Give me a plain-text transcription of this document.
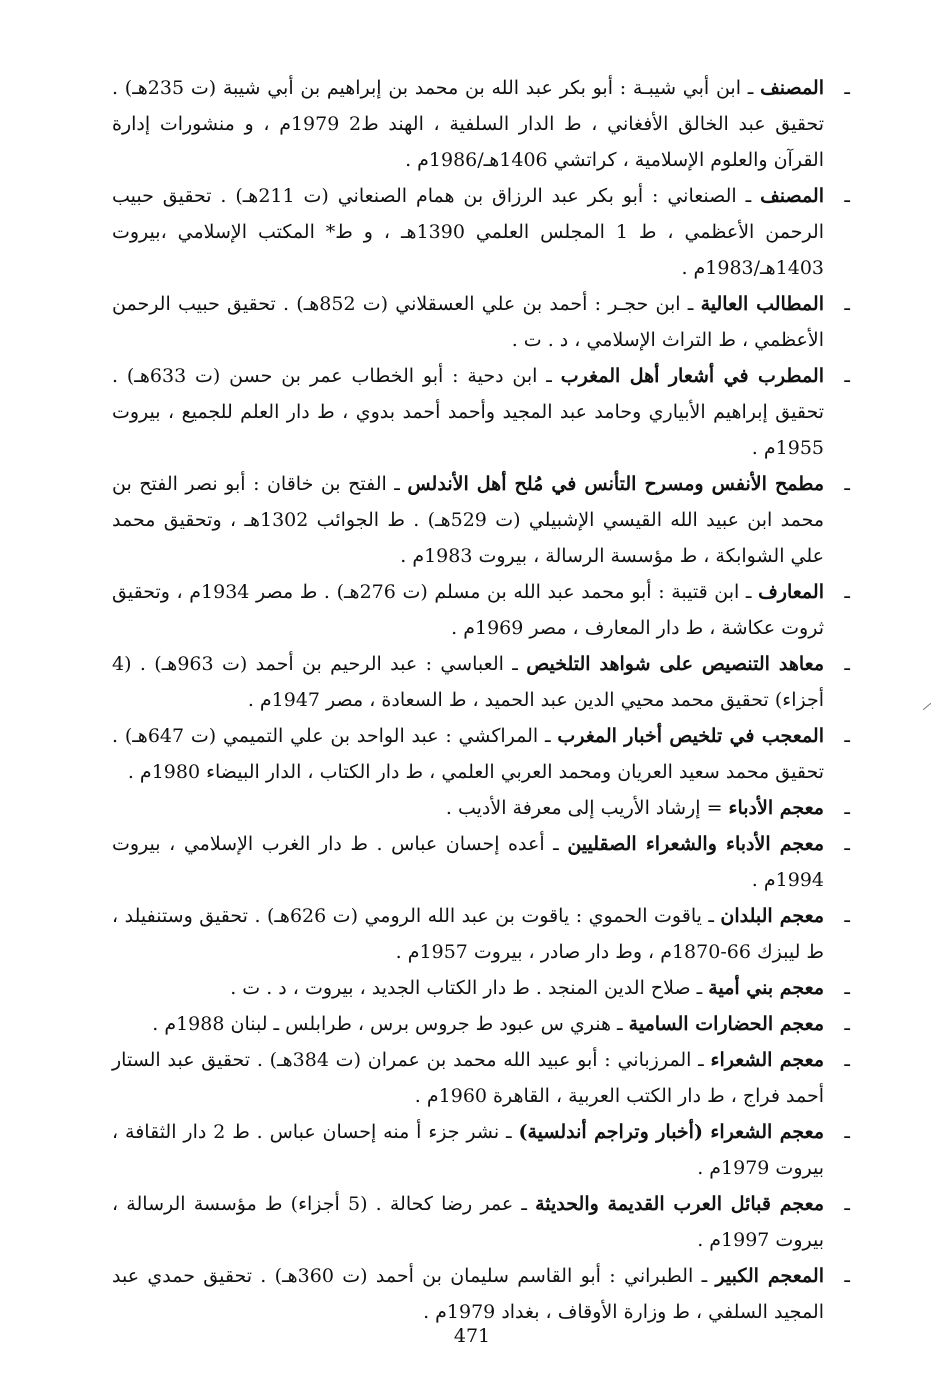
ـ
المصنف ـ ابن أبي شيبـة : أبو بكر عبد الله بن محمد بن إبراهيم بن أبي شيبة (ت 235هـ) . تحقيق عبد الخالق الأفغاني ، ط الدار السلفية ، الهند ط2 1979م ، و منشورات إدارة القرآن والعلوم الإسلامية ، كراتشي 1406هـ/1986م .

ـ
المصنف ـ الصنعاني : أبو بكر عبد الرزاق بن همام الصنعاني (ت 211هـ) . تحقيق حبيب الرحمن الأعظمي ، ط 1 المجلس العلمي 1390هـ ، و ط* المكتب الإسلامي ،بيروت 1403هـ/1983م .

ـ
المطالب العالية ـ ابن حجـر : أحمد بن علي العسقلاني (ت 852هـ) . تحقيق حبيب الرحمن الأعظمي ، ط التراث الإسلامي ، د . ت .

ـ
المطرب في أشعار أهل المغرب ـ ابن دحية : أبو الخطاب عمر بن حسن (ت 633هـ) . تحقيق إبراهيم الأبياري وحامد عبد المجيد وأحمد أحمد بدوي ، ط دار العلم للجميع ، بيروت 1955م .

ـ
مطمح الأنفس ومسرح التأنس في مُلح أهل الأندلس ـ الفتح بن خاقان : أبو نصر الفتح بن محمد ابن عبيد الله القيسي الإشبيلي (ت 529هـ) . ط الجوائب 1302هـ ، وتحقيق محمد علي الشوابكة ، ط مؤسسة الرسالة ، بيروت 1983م .

ـ
المعارف ـ ابن قتيبة : أبو محمد عبد الله بن مسلم (ت 276هـ) . ط مصر 1934م ، وتحقيق ثروت عكاشة ، ط دار المعارف ، مصر 1969م .

ـ
معاهد التنصيص على شواهد التلخيص ـ العباسي : عبد الرحيم بن أحمد (ت 963هـ) . (4 أجزاء) تحقيق محمد محيي الدين عبد الحميد ، ط السعادة ، مصر 1947م .

ـ
المعجب في تلخيص أخبار المغرب ـ المراكشي : عبد الواحد بن علي التميمي (ت 647هـ) . تحقيق محمد سعيد العريان ومحمد العربي العلمي ، ط دار الكتاب ، الدار البيضاء 1980م .

ـ
معجم الأدباء = إرشاد الأريب إلى معرفة الأديب .

ـ
معجم الأدباء والشعراء الصقليين ـ أعده إحسان عباس . ط دار الغرب الإسلامي ، بيروت 1994م .

ـ
معجم البلدان ـ ياقوت الحموي : ياقوت بن عبد الله الرومي (ت 626هـ) . تحقيق وستنفيلد ، ط ليبزك 66-1870م ، وط دار صادر ، بيروت 1957م .

ـ
معجم بني أمية ـ صلاح الدين المنجد . ط دار الكتاب الجديد ، بيروت ، د . ت .

ـ
معجم الحضارات السامية ـ هنري س عبود ط جروس برس ، طرابلس ـ لبنان 1988م .

ـ
معجم الشعراء ـ المرزباني : أبو عبيد الله محمد بن عمران (ت 384هـ) . تحقيق عبد الستار أحمد فراج ، ط دار الكتب العربية ، القاهرة 1960م .

ـ
معجم الشعراء (أخبار وتراجم أندلسية) ـ نشر جزء أ منه إحسان عباس . ط 2 دار الثقافة ، بيروت 1979م .

ـ
معجم قبائل العرب القديمة والحديثة ـ عمر رضا كحالة . (5 أجزاء) ط مؤسسة الرسالة ، بيروت 1997م .

ـ
المعجم الكبير ـ الطبراني : أبو القاسم سليمان بن أحمد (ت 360هـ) . تحقيق حمدي عبد المجيد السلفي ، ط وزارة الأوقاف ، بغداد 1979م .

471
